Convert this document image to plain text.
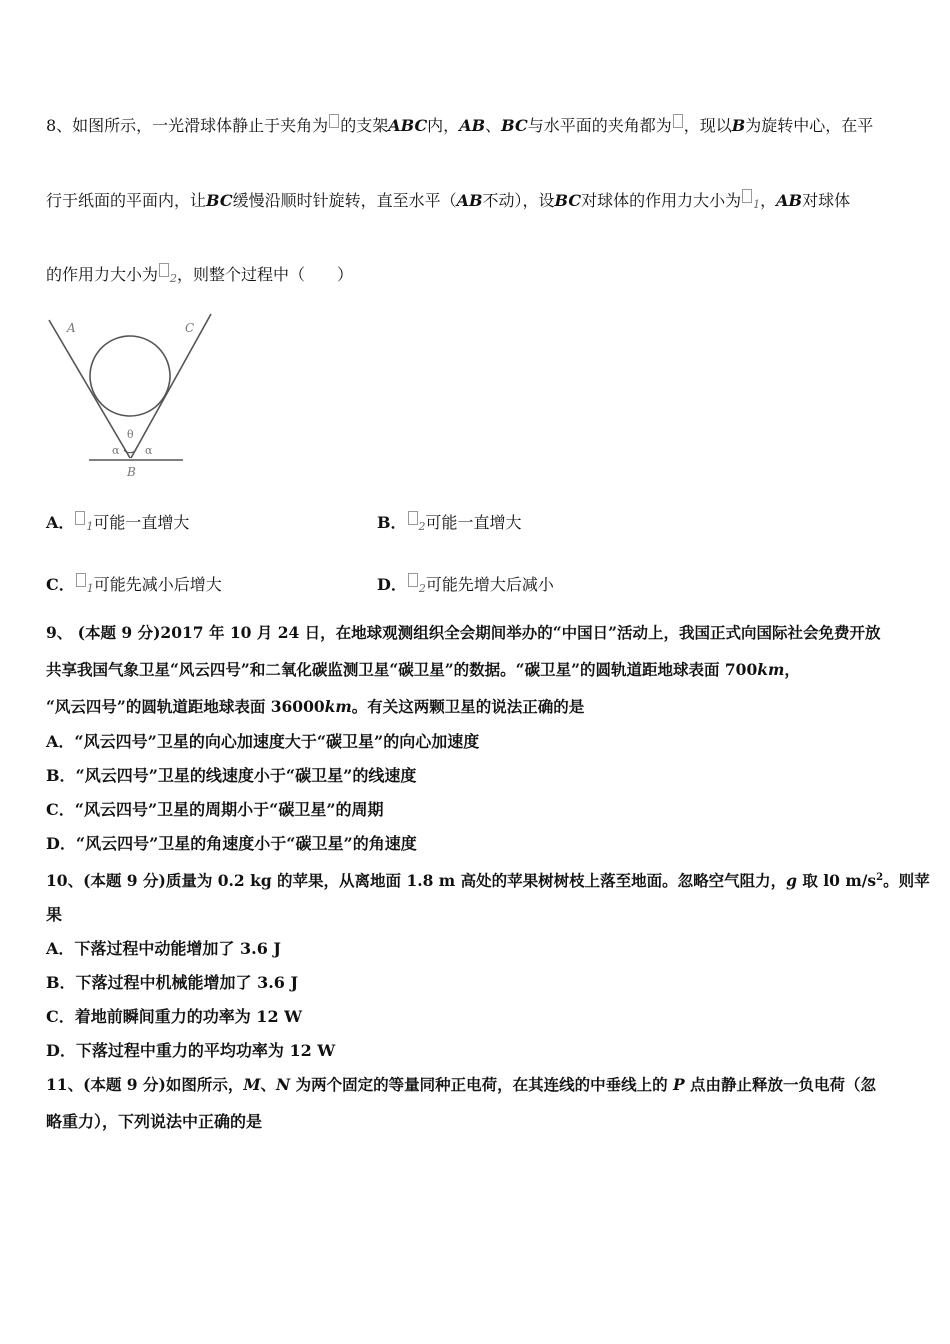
8、如图所示，一光滑球体静止于夹角为 的支架ABC内，AB、BC与水平面的夹角都为 ，现以B为旋转中心，在平
行于纸面的平面内，让BC缓慢沿顺时针旋转，直至水平（AB不动），设BC对球体的作用力大小为 1，AB对球体
的作用力大小为 2，则整个过程中（　　）
A	C
B
θ
α α
A． 1可能一直增大	B． 2可能一直增大
C． 1可能先减小后增大	D． 2可能先增大后减小
9、 (本题 9 分)2017 年 10 月 24 日，在地球观测组织全会期间举办的“中国日”活动上，我国正式向国际社会免费开放
共享我国气象卫星“风云四号”和二氧化碳监测卫星“碳卫星”的数据。“碳卫星”的圆轨道距地球表面 700km，
“风云四号”的圆轨道距地球表面 36000km。有关这两颗卫星的说法正确的是
A．“风云四号”卫星的向心加速度大于“碳卫星”的向心加速度
B．“风云四号”卫星的线速度小于“碳卫星”的线速度
C．“风云四号”卫星的周期小于“碳卫星”的周期
D．“风云四号”卫星的角速度小于“碳卫星”的角速度
10、(本题 9 分)质量为 0.2 kg 的苹果，从离地面 1.8 m 高处的苹果树树枝上落至地面。忽略空气阻力，g 取 l0 $m/s^2$。则苹
果
A．下落过程中动能增加了 3.6 J
B．下落过程中机械能增加了 3.6 J
C．着地前瞬间重力的功率为 12 W
D．下落过程中重力的平均功率为 12 W
11、(本题 9 分)如图所示，M、N 为两个固定的等量同种正电荷，在其连线的中垂线上的 P 点由静止释放一负电荷（忽
略重力），下列说法中正确的是
